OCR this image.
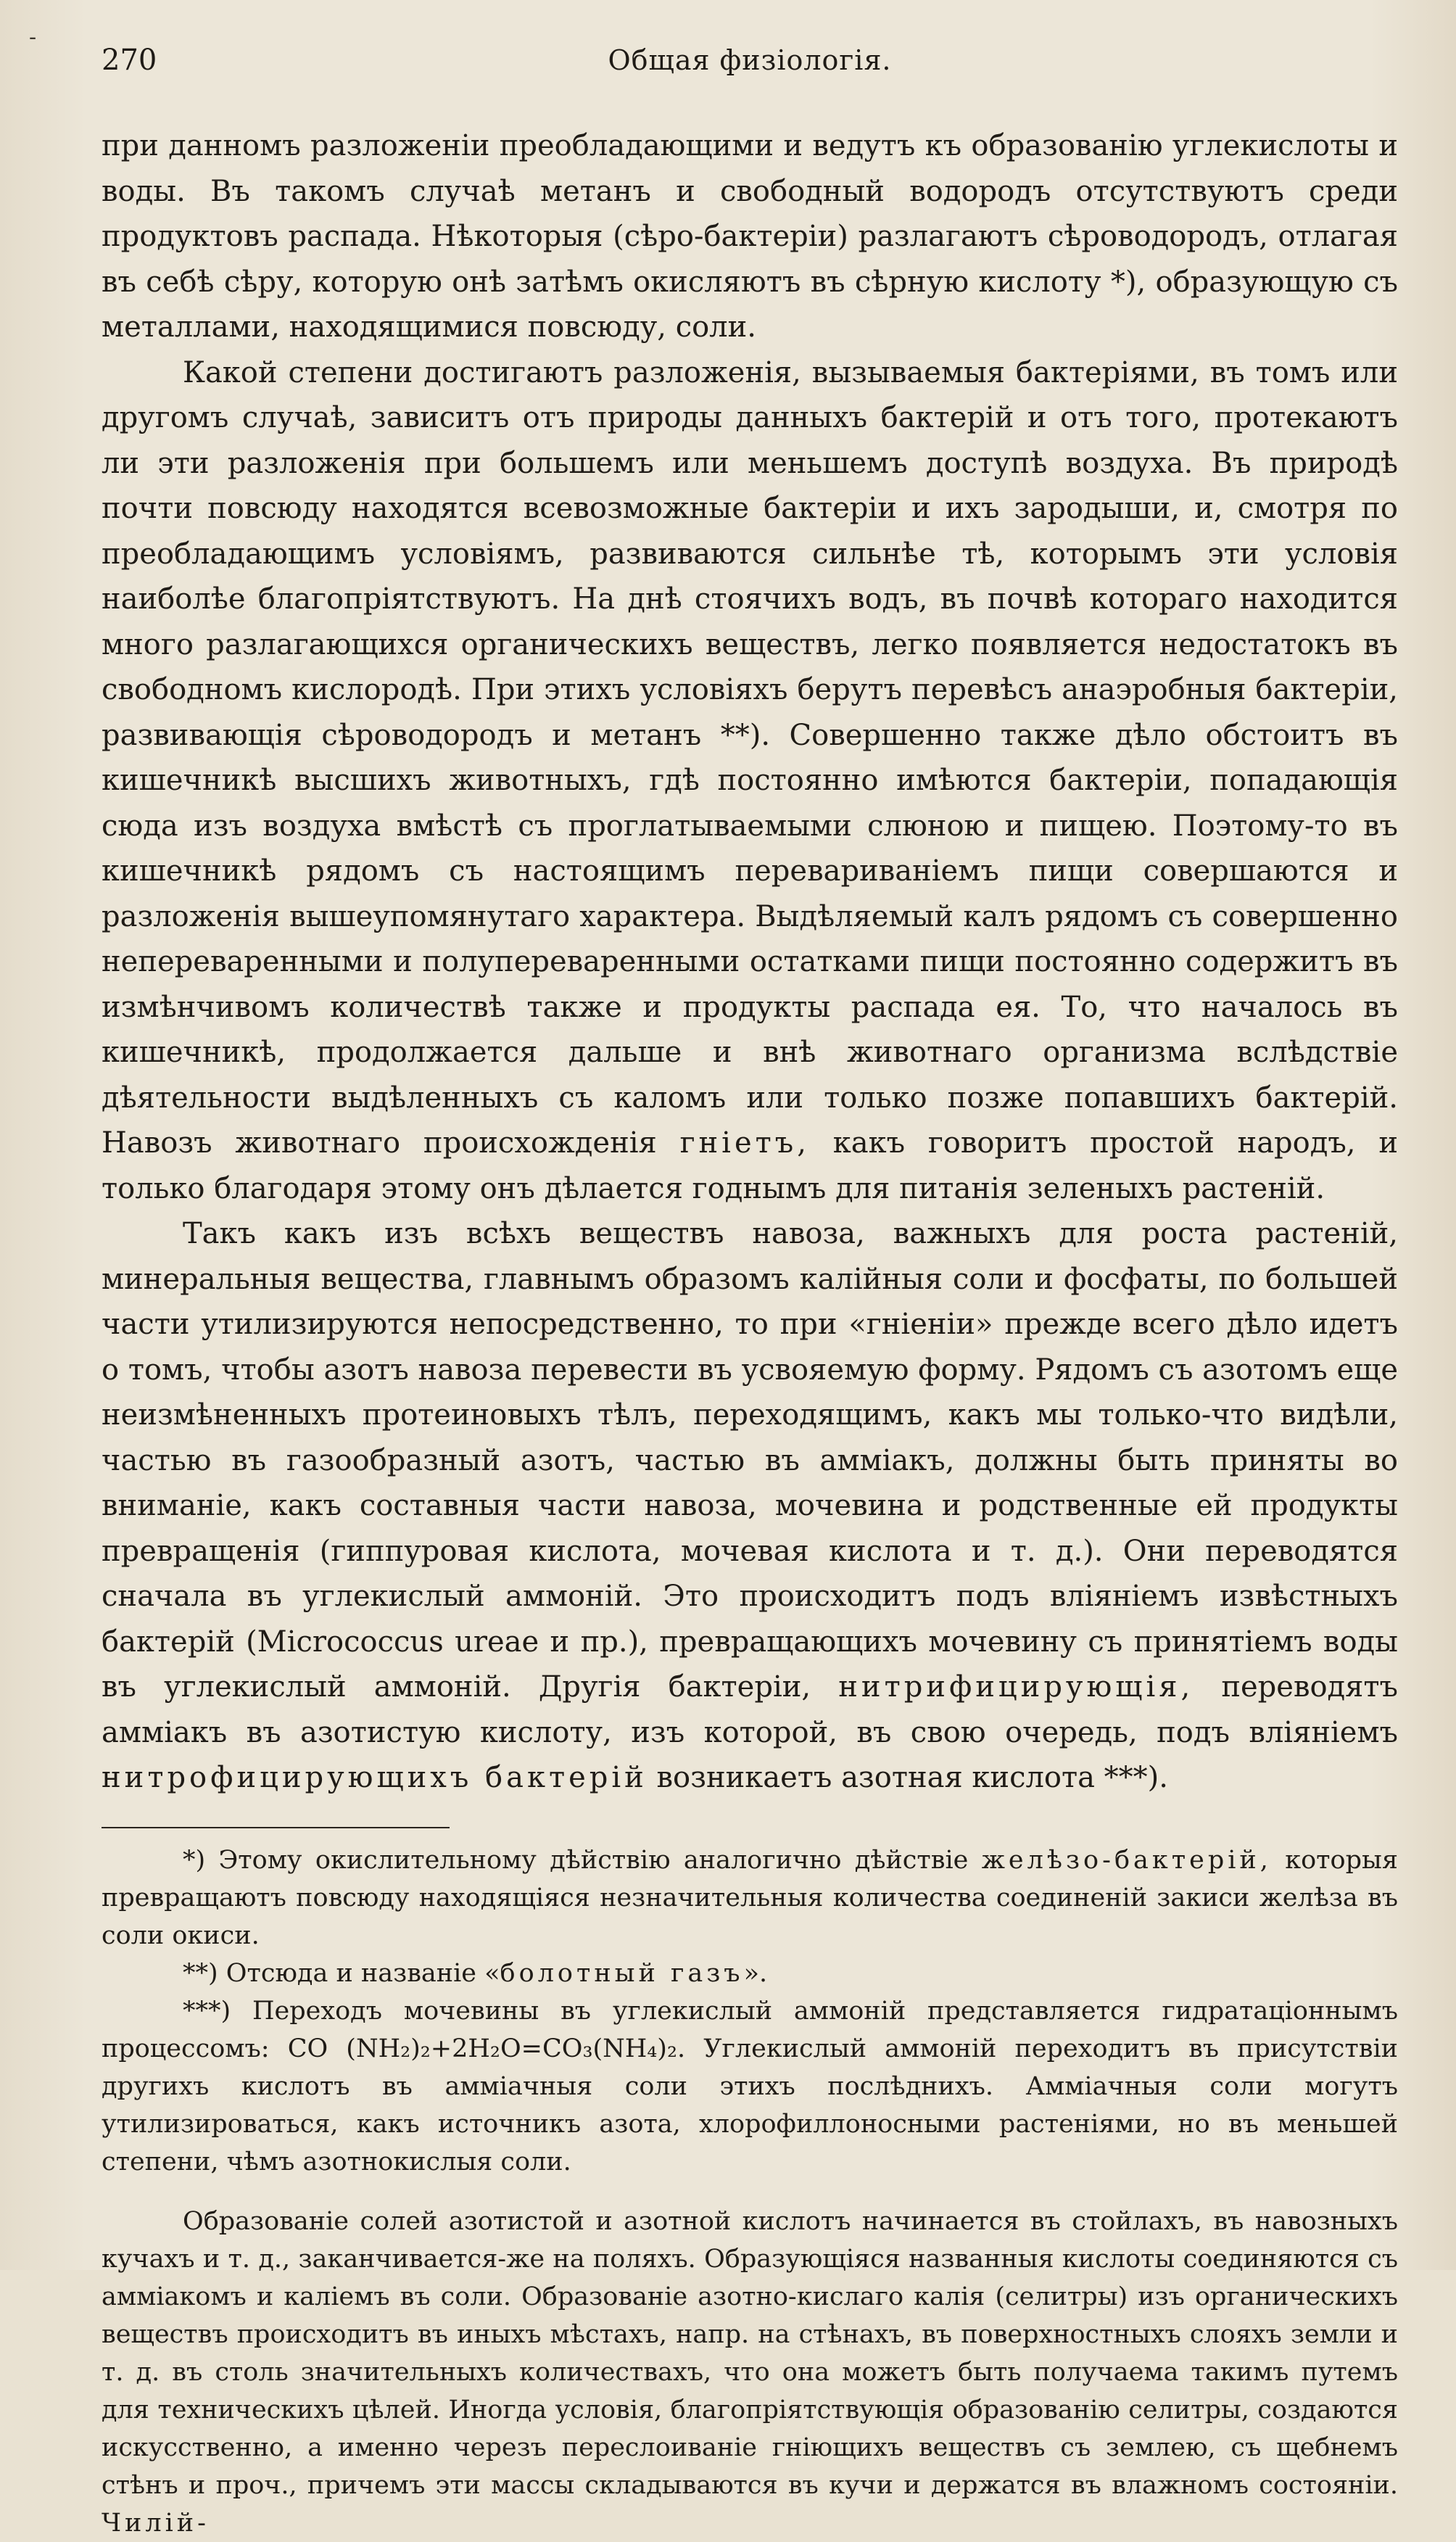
-
270	Общая физіологія.

при данномъ разложеніи преобладающими и ведутъ къ образованію углекислоты и воды. Въ такомъ случаѣ метанъ и свободный водородъ отсутствуютъ среди продуктовъ распада. Нѣкоторыя (сѣро-бактеріи) разлагаютъ сѣроводородъ, отлагая въ себѣ сѣру, которую онѣ затѣмъ окисляютъ въ сѣрную кислоту *), образующую съ металлами, находящимися повсюду, соли.

Какой степени достигаютъ разложенія, вызываемыя бактеріями, въ томъ или другомъ случаѣ, зависитъ отъ природы данныхъ бактерій и отъ того, протекаютъ ли эти разложенія при большемъ или меньшемъ доступѣ воздуха. Въ природѣ почти повсюду находятся всевозможные бактеріи и ихъ зародыши, и, смотря по преобладающимъ условіямъ, развиваются сильнѣе тѣ, которымъ эти условія наиболѣе благопріятствуютъ. На днѣ стоячихъ водъ, въ почвѣ котораго находится много разлагающихся органическихъ веществъ, легко появляется недостатокъ въ свободномъ кислородѣ. При этихъ условіяхъ берутъ перевѣсъ анаэробныя бактеріи, развивающія сѣроводородъ и метанъ **). Совершенно также дѣло обстоитъ въ кишечникѣ высшихъ животныхъ, гдѣ постоянно имѣются бактеріи, попадающія сюда изъ воздуха вмѣстѣ съ проглатываемыми слюною и пищею. Поэтому-то въ кишечникѣ рядомъ съ настоящимъ перевариваніемъ пищи совершаются и разложенія вышеупомянутаго характера. Выдѣляемый калъ рядомъ съ совершенно непереваренными и полупереваренными остатками пищи постоянно содержитъ въ измѣнчивомъ количествѣ также и продукты распада ея. То, что началось въ кишечникѣ, продолжается дальше и внѣ животнаго организма вслѣдствіе дѣятельности выдѣленныхъ съ каломъ или только позже попавшихъ бактерій. Навозъ животнаго происхожденія гніетъ, какъ говоритъ простой народъ, и только благодаря этому онъ дѣлается годнымъ для питанія зеленыхъ растеній.

Такъ какъ изъ всѣхъ веществъ навоза, важныхъ для роста растеній, минеральныя вещества, главнымъ образомъ калійныя соли и фосфаты, по большей части утилизируются непосредственно, то при «гніеніи» прежде всего дѣло идетъ о томъ, чтобы азотъ навоза перевести въ усвояемую форму. Рядомъ съ азотомъ еще неизмѣненныхъ протеиновыхъ тѣлъ, переходящимъ, какъ мы только-что видѣли, частью въ газообразный азотъ, частью въ амміакъ, должны быть приняты во вниманіе, какъ составныя части навоза, мочевина и родственные ей продукты превращенія (гиппуровая кислота, мочевая кислота и т. д.). Они переводятся сначала въ углекислый аммоній. Это происходитъ подъ вліяніемъ извѣстныхъ бактерій (Micrococcus ureae и пр.), превращающихъ мочевину съ принятіемъ воды въ углекислый аммоній. Другія бактеріи, нитрифицирующія, переводятъ амміакъ въ азотистую кислоту, изъ которой, въ свою очередь, подъ вліяніемъ нитрофицирующихъ бактерій возникаетъ азотная кислота ***).

*) Этому окислительному дѣйствію аналогично дѣйствіе желѣзо-бактерій, которыя превращаютъ повсюду находящіяся незначительныя количества соединеній закиси желѣза въ соли окиси.

**) Отсюда и названіе «болотный газъ».

***) Переходъ мочевины въ углекислый аммоній представляется гидратаціоннымъ процессомъ: CO (NH₂)₂+2H₂O=CO₃(NH₄)₂. Углекислый аммоній переходитъ въ присутствіи другихъ кислотъ въ амміачныя соли этихъ послѣднихъ. Амміачныя соли могутъ утилизироваться, какъ источникъ азота, хлорофиллоносными растеніями, но въ меньшей степени, чѣмъ азотнокислыя соли.

Образованіе солей азотистой и азотной кислотъ начинается въ стойлахъ, въ навозныхъ кучахъ и т. д., заканчивается-же на поляхъ. Образующіяся названныя кислоты соединяются съ амміакомъ и каліемъ въ соли. Образованіе азотно-кислаго калія (селитры) изъ органическихъ веществъ происходитъ въ иныхъ мѣстахъ, напр. на стѣнахъ, въ поверхностныхъ слояхъ земли и т. д. въ столь значительныхъ количествахъ, что она можетъ быть получаема такимъ путемъ для техническихъ цѣлей. Иногда условія, благопріятствующія образованію селитры, создаются искусственно, а именно черезъ переслоиваніе гніющихъ веществъ съ землею, съ щебнемъ стѣнъ и проч., причемъ эти массы складываются въ кучи и держатся въ влажномъ состояніи. Чилій-
